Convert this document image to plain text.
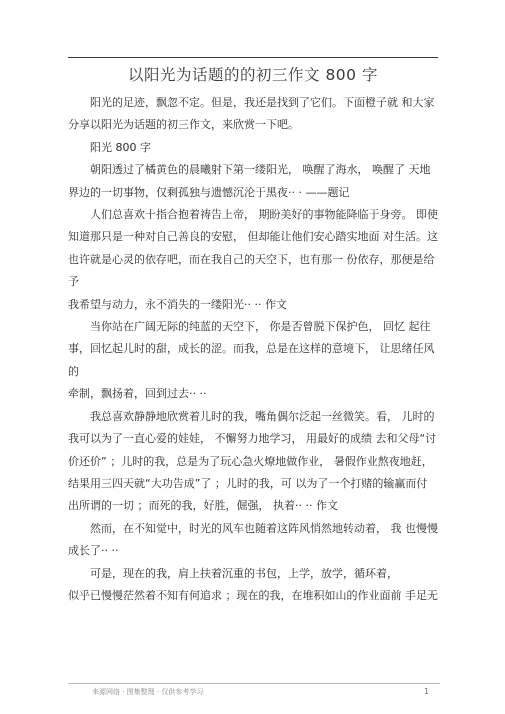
以阳光为话题的的初三作文 800 字
阳光的足迹，飘忽不定。但是，我还是找到了它们。下面橙子就 和大家
分享以阳光为话题的初三作文，来欣赏一下吧。
阳光 800 字
朝阳透过了橘黄色的晨曦射下第一缕阳光， 唤醒了海水， 唤醒了 天地
界边的一切事物，仅剩孤独与遗憾沉沦于黑夜·· · ——题记
人们总喜欢十指合抱着祷告上帝， 期盼美好的事物能降临于身旁。 即使
知道那只是一种对自己善良的安慰， 但却能让他们安心踏实地面 对生活。这
也许就是心灵的依存吧，而在我自己的天空下，也有那一 份依存，那便是给予
我希望与动力，永不消失的一缕阳光·· ·· 作文
当你站在广阔无际的纯蓝的天空下， 你是否曾脱下保护色， 回忆 起往
事，回忆起儿时的甜，成长的涩。而我，总是在这样的意境下， 让思绪任风的
牵制，飘扬着，回到过去·· ··
我总喜欢静静地欣赏着儿时的我，嘴角偶尔泛起一丝微笑。看， 儿时的
我可以为了一直心爱的娃娃， 不懈努力地学习， 用最好的成绩 去和父母“讨
价还价” ；儿时的我，总是为了玩心急火燎地做作业， 暑假作业熬夜地赶，
结果用三四天就“大功告成”了 ；儿时的我，可 以为了一个打赌的输赢而付
出所谓的一切 ；而死的我，好胜，倔强， 执着·· ·· 作文
然而，在不知觉中，时光的风车也随着这阵风悄然地转动着， 我 也慢慢
成长了·· ··
可是，现在的我，肩上扶着沉重的书包，上学，放学，循环着，
似乎已慢慢茫然着不知有何追求 ；现在的我，在堆积如山的作业面前 手足无
来源网络 · 图集整理 · 仅供参考学习	1
